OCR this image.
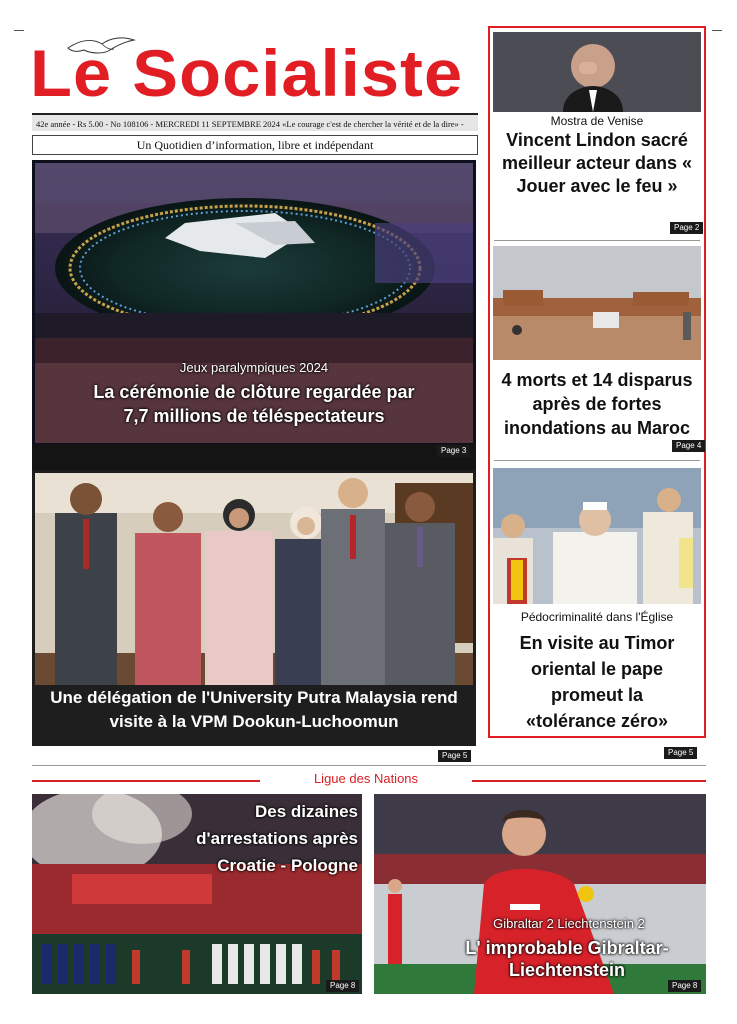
Le Socialiste
42e année - Rs 5.00 - No 108106 - MERCREDI 11 SEPTEMBRE 2024 «Le courage c'est de chercher la vérité et de la dire» -
Un Quotidien d’information, libre et indépendant
Jeux paralympiques 2024
La cérémonie de clôture regardée par 7,7 millions de téléspectateurs
Page 3
Une délégation de l'University Putra Malaysia rend visite à la VPM Dookun-Luchoomun
Page 5
Mostra de Venise
Vincent Lindon sacré meilleur acteur dans « Jouer avec le feu »
Page 2
4 morts et 14 disparus après de fortes inondations au Maroc
Page 4
Pédocriminalité dans l'Église
En visite au Timor oriental le pape promeut la «tolérance zéro»
Page 5
Ligue des Nations
Des dizaines d'arrestations après Croatie - Pologne
Page 8
Gibraltar 2 Liechtenstein 2
L' improbable Gibraltar-Liechtenstein
Page 8
